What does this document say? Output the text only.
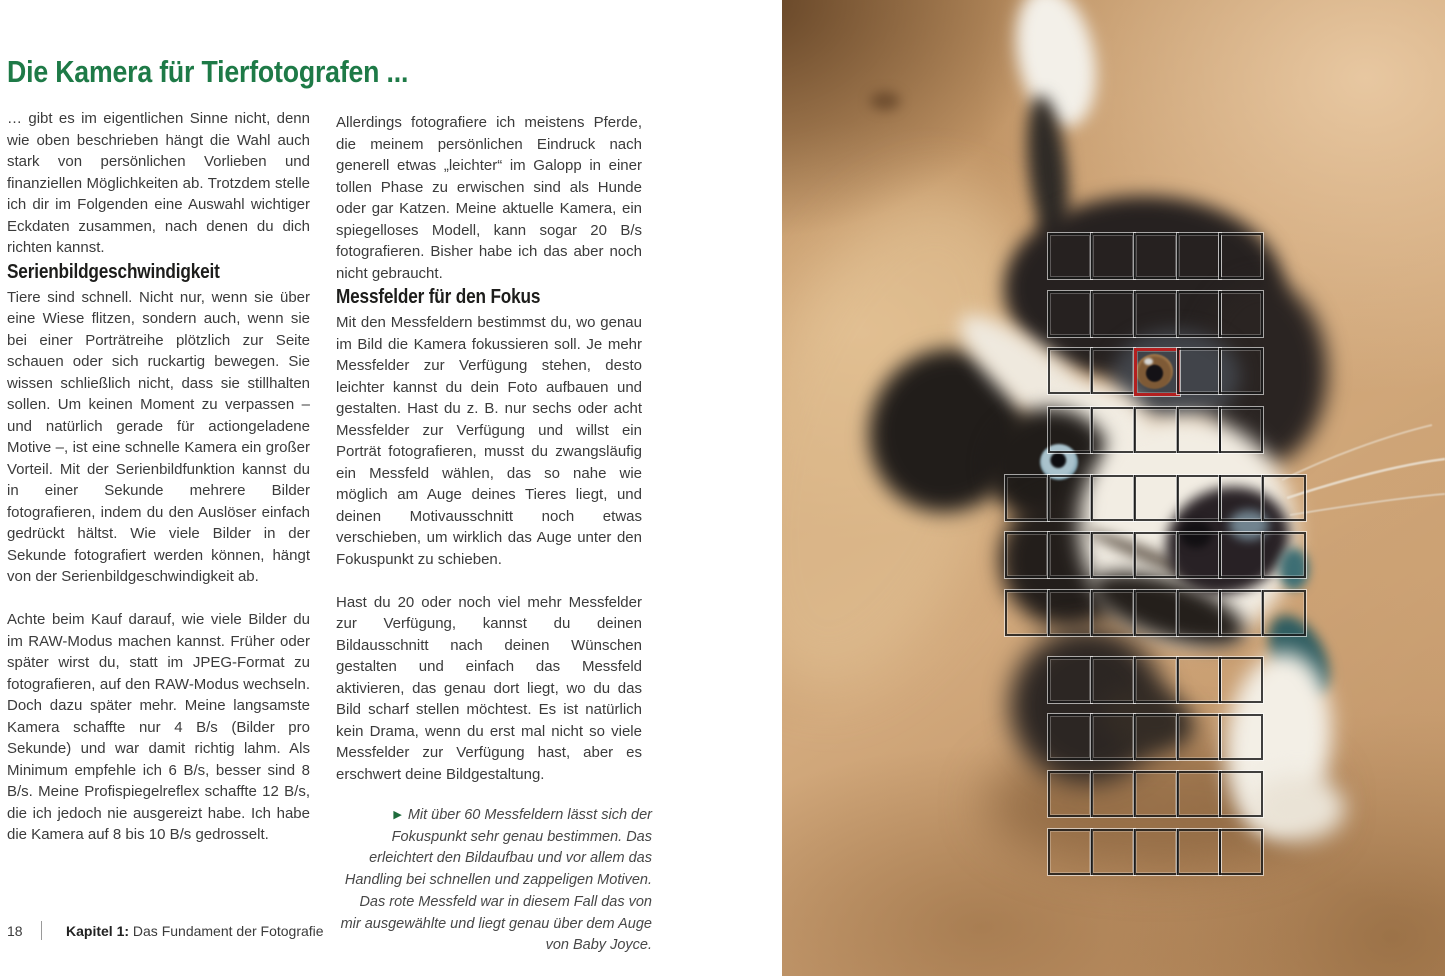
Die Kamera für Tierfotografen ...

… gibt es im eigentlichen Sinne nicht, denn wie oben beschrieben hängt die Wahl auch stark von persönlichen Vorlieben und finanziellen Möglichkeiten ab. Trotzdem stelle ich dir im Folgenden eine Auswahl wichtiger Eckdaten zusammen, nach denen du dich richten kannst.

Serienbildgeschwindigkeit

Tiere sind schnell. Nicht nur, wenn sie über eine Wiese flitzen, sondern auch, wenn sie bei einer Porträtreihe plötzlich zur Seite schauen oder sich ruckartig bewegen. Sie wissen schließlich nicht, dass sie stillhalten sollen. Um keinen Moment zu verpassen – und natürlich gerade für actiongeladene Motive –, ist eine schnelle Kamera ein großer Vorteil. Mit der Serienbildfunktion kannst du in einer Sekunde mehrere Bilder fotografieren, indem du den Auslöser einfach gedrückt hältst. Wie viele Bilder in der Sekunde fotografiert werden können, hängt von der Serienbildgeschwindigkeit ab.

Achte beim Kauf darauf, wie viele Bilder du im RAW-Modus machen kannst. Früher oder später wirst du, statt im JPEG-Format zu fotografieren, auf den RAW-Modus wechseln. Doch dazu später mehr. Meine langsamste Kamera schaffte nur 4 B/s (Bilder pro Sekunde) und war damit richtig lahm. Als Minimum empfehle ich 6 B/s, besser sind 8 B/s. Meine Profispiegelreflex schaffte 12 B/s, die ich jedoch nie ausgereizt habe. Ich habe die Kamera auf 8 bis 10 B/s gedrosselt.

Allerdings fotografiere ich meistens Pferde, die meinem persönlichen Eindruck nach generell etwas „leichter“ im Galopp in einer tollen Phase zu erwischen sind als Hunde oder gar Katzen. Meine aktuelle Kamera, ein spiegelloses Modell, kann sogar 20 B/s fotografieren. Bisher habe ich das aber noch nicht gebraucht.

Messfelder für den Fokus

Mit den Messfeldern bestimmst du, wo genau im Bild die Kamera fokussieren soll. Je mehr Messfelder zur Verfügung stehen, desto leichter kannst du dein Foto aufbauen und gestalten. Hast du z. B. nur sechs oder acht Messfelder zur Verfügung und willst ein Porträt fotografieren, musst du zwangsläufig ein Messfeld wählen, das so nahe wie möglich am Auge deines Tieres liegt, und deinen Motivausschnitt noch etwas verschieben, um wirklich das Auge unter den Fokuspunkt zu schieben.

Hast du 20 oder noch viel mehr Messfelder zur Verfügung, kannst du deinen Bildausschnitt nach deinen Wünschen gestalten und einfach das Messfeld aktivieren, das genau dort liegt, wo du das Bild scharf stellen möchtest. Es ist natürlich kein Drama, wenn du erst mal nicht so viele Messfelder zur Verfügung hast, aber es erschwert deine Bildgestaltung.

▶ Mit über 60 Messfeldern lässt sich der Fokuspunkt sehr genau bestimmen. Das erleichtert den Bildaufbau und vor allem das Handling bei schnellen und zappeligen Motiven. Das rote Messfeld war in diesem Fall das von mir ausgewählte und liegt genau über dem Auge von Baby Joyce.

18	Kapitel 1: Das Fundament der Fotografie
